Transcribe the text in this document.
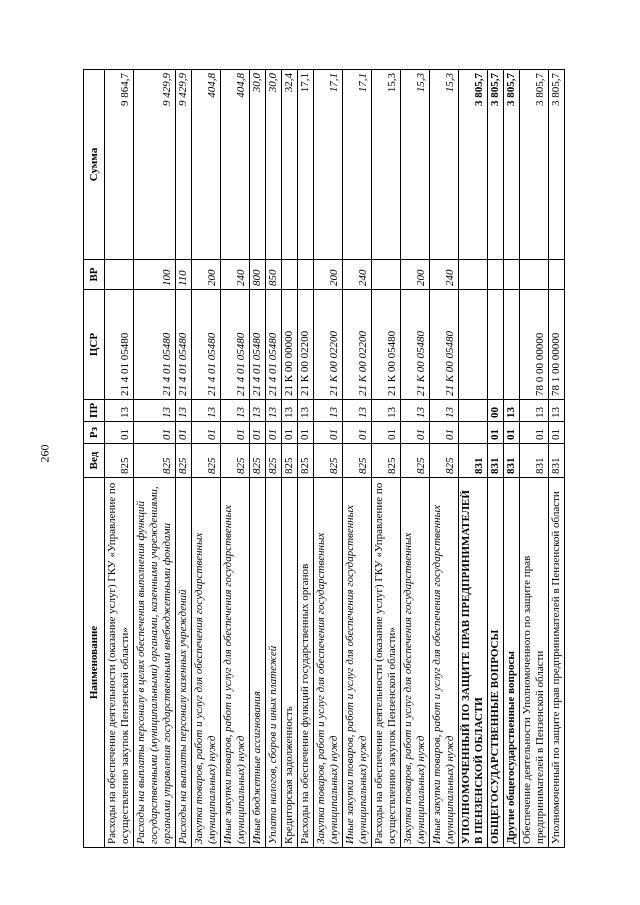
260
Наименование	Вед	Рз	ПР	ЦСР	ВР	Сумма
Расходы на обеспечение деятельности (оказание услуг) ГКУ «Управление по осуществлению закупок Пензенской области»	825	01	13	21 4 01 05480		9 864,7
Расходы на выплаты персоналу в целях обеспечения выполнения функций государственными (муниципальными) органами, казенными учреждениями, органами управления государственными внебюджетными фондами	825	01	13	21 4 01 05480	100	9 429,9
Расходы на выплаты персоналу казенных учреждений	825	01	13	21 4 01 05480	110	9 429,9
Закупка товаров, работ и услуг для обеспечения государственных (муниципальных) нужд	825	01	13	21 4 01 05480	200	404,8
Иные закупки товаров, работ и услуг для обеспечения государственных (муниципальных) нужд	825	01	13	21 4 01 05480	240	404,8
Иные бюджетные ассигнования	825	01	13	21 4 01 05480	800	30,0
Уплата налогов, сборов и иных платежей	825	01	13	21 4 01 05480	850	30,0
Кредиторская задолженность	825	01	13	21 К 00 00000		32,4
Расходы на обеспечение функций государственных органов	825	01	13	21 К 00 02200		17,1
Закупка товаров, работ и услуг для обеспечения государственных (муниципальных) нужд	825	01	13	21 К 00 02200	200	17,1
Иные закупки товаров, работ и услуг для обеспечения государственных (муниципальных) нужд	825	01	13	21 К 00 02200	240	17,1
Расходы на обеспечение деятельности (оказание услуг) ГКУ «Управление по осуществлению закупок Пензенской области»	825	01	13	21 К 00 05480		15,3
Закупка товаров, работ и услуг для обеспечения государственных (муниципальных) нужд	825	01	13	21 К 00 05480	200	15,3
Иные закупки товаров, работ и услуг для обеспечения государственных (муниципальных) нужд	825	01	13	21 К 00 05480	240	15,3
УПОЛНОМОЧЕННЫЙ ПО ЗАЩИТЕ ПРАВ ПРЕДПРИНИМАТЕЛЕЙ В ПЕНЗЕНСКОЙ ОБЛАСТИ	831					3 805,7
ОБЩЕГОСУДАРСТВЕННЫЕ ВОПРОСЫ	831	01	00			3 805,7
Другие общегосударственные вопросы	831	01	13			3 805,7
Обеспечение деятельности Уполномоченного по защите прав предпринимателей в Пензенской области	831	01	13	78 0 00 00000		3 805,7
Уполномоченный по защите прав предпринимателей в Пензенской области	831	01	13	78 1 00 00000		3 805,7
